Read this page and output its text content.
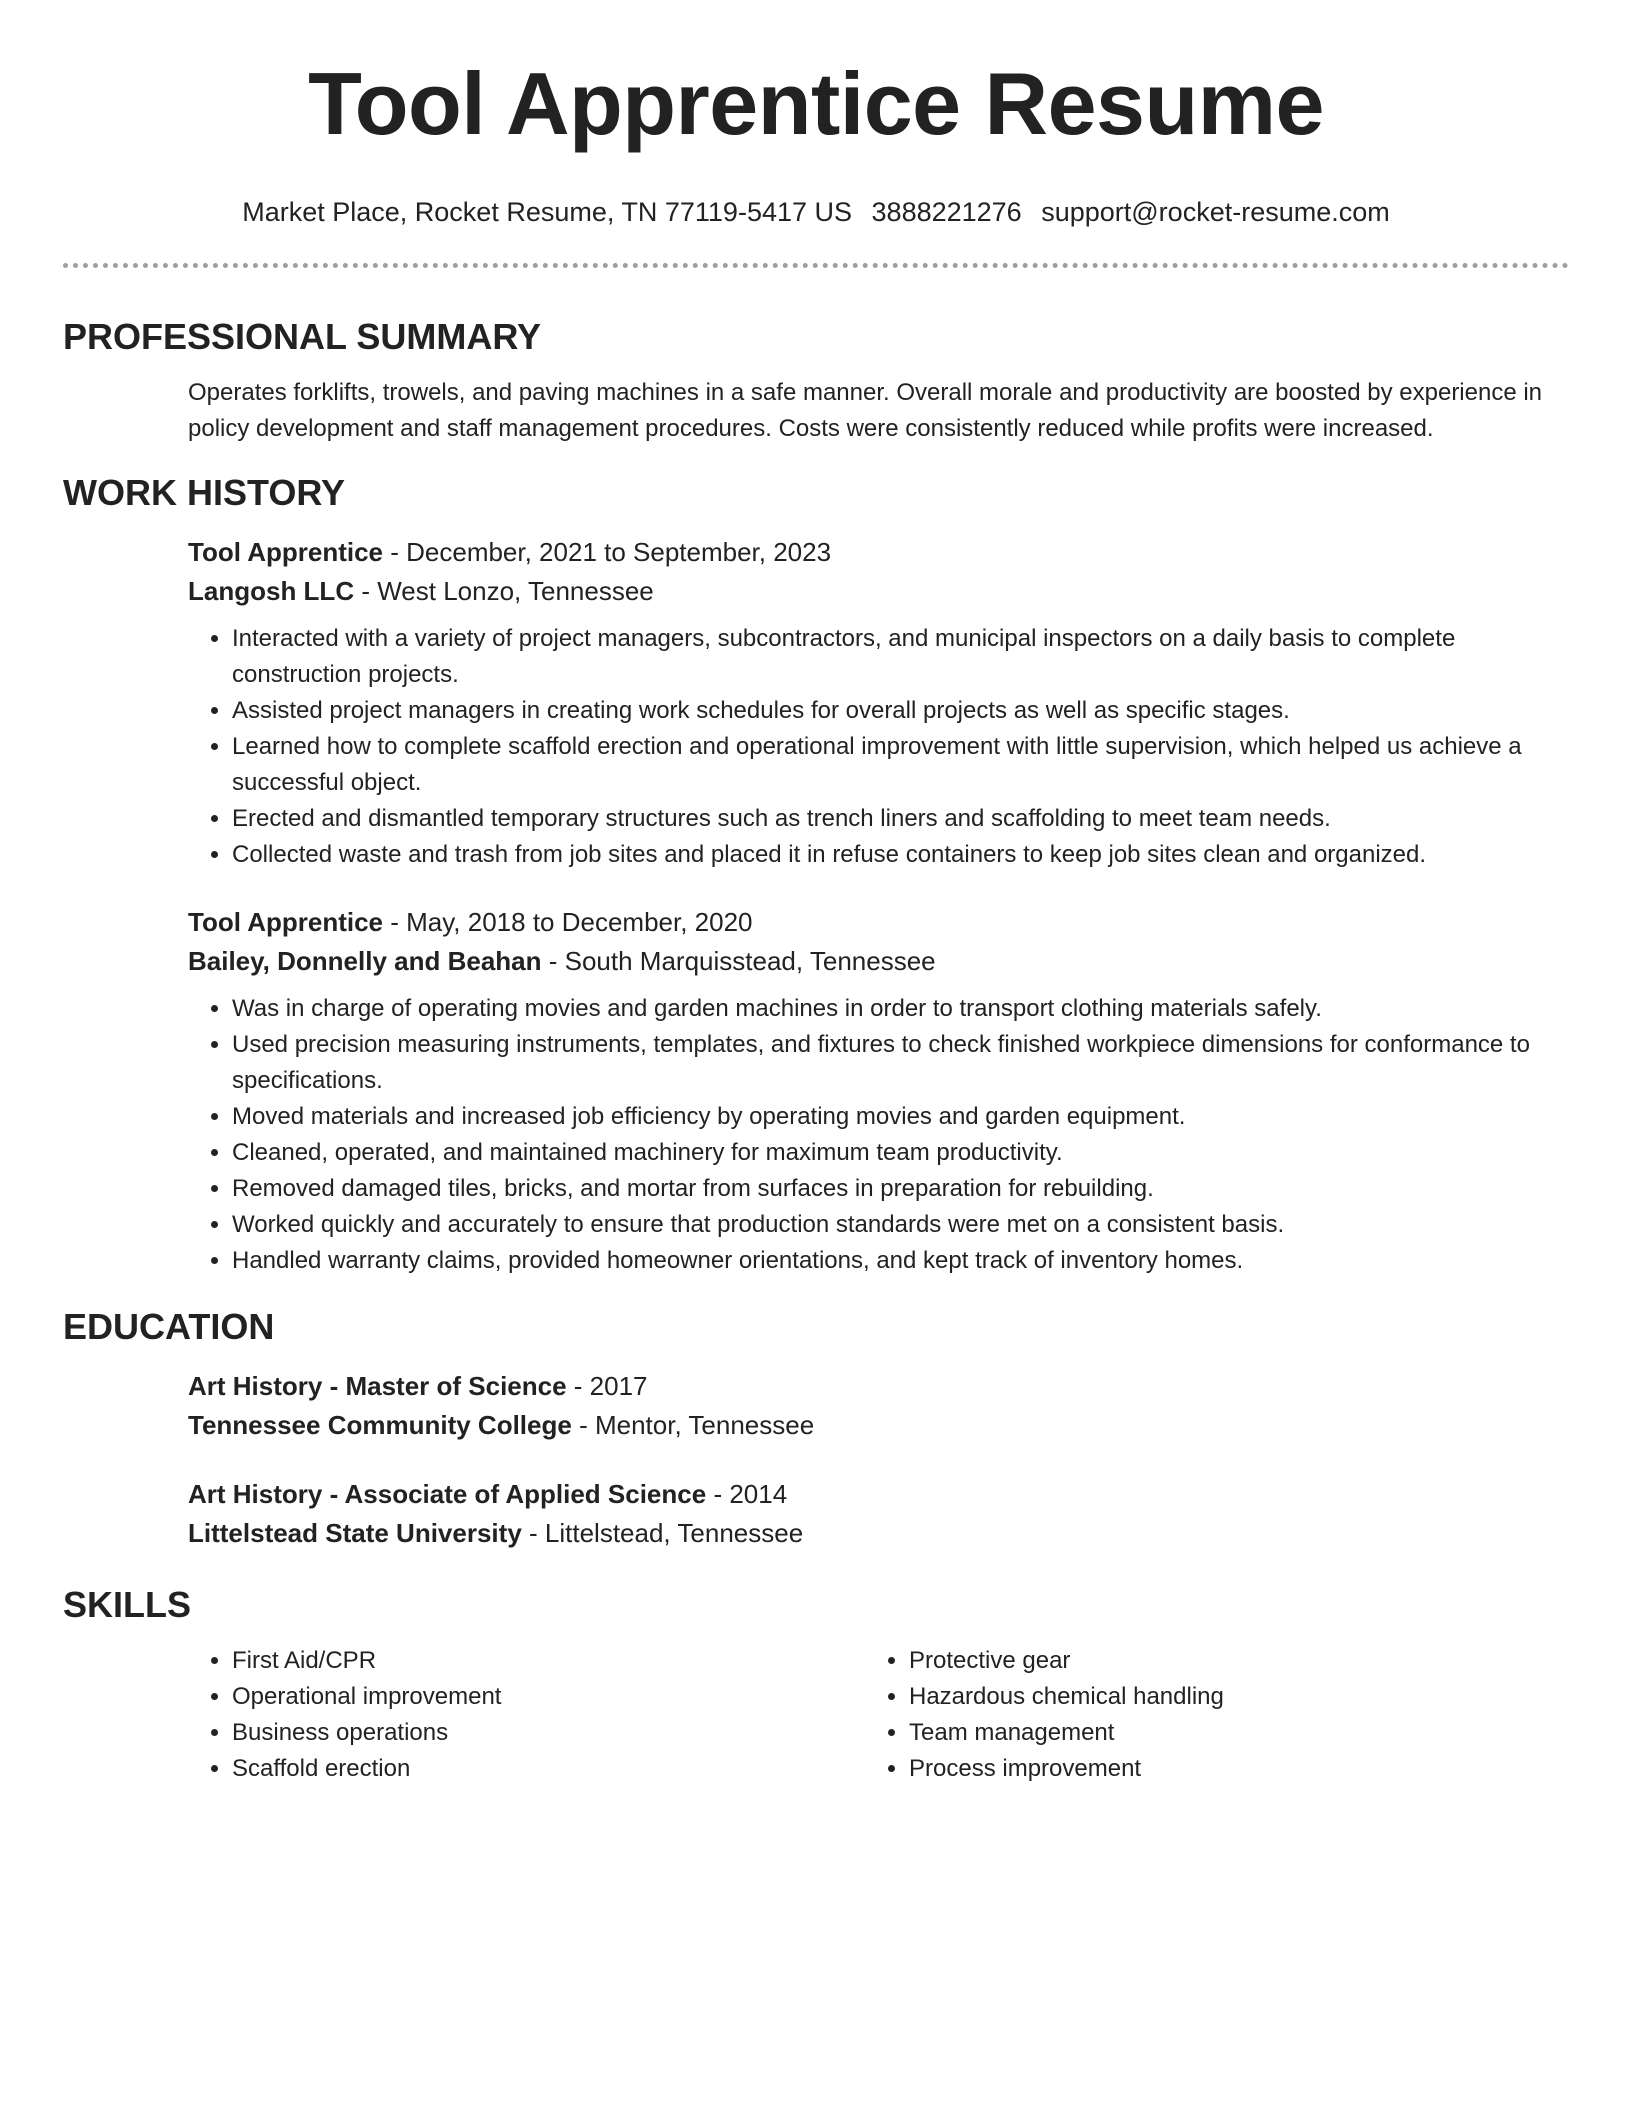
Tool Apprentice Resume
Market Place, Rocket Resume, TN 77119-5417 US 3888221276 support@rocket-resume.com
PROFESSIONAL SUMMARY

Operates forklifts, trowels, and paving machines in a safe manner. Overall morale and productivity are boosted by experience in policy development and staff management procedures. Costs were consistently reduced while profits were increased.

WORK HISTORY
Tool Apprentice - December, 2021 to September, 2023
Langosh LLC - West Lonzo, Tennessee
• Interacted with a variety of project managers, subcontractors, and municipal inspectors on a daily basis to complete construction projects.
• Assisted project managers in creating work schedules for overall projects as well as specific stages.
• Learned how to complete scaffold erection and operational improvement with little supervision, which helped us achieve a successful object.
• Erected and dismantled temporary structures such as trench liners and scaffolding to meet team needs.
• Collected waste and trash from job sites and placed it in refuse containers to keep job sites clean and organized.
Tool Apprentice - May, 2018 to December, 2020
Bailey, Donnelly and Beahan - South Marquisstead, Tennessee
• Was in charge of operating movies and garden machines in order to transport clothing materials safely.
• Used precision measuring instruments, templates, and fixtures to check finished workpiece dimensions for conformance to specifications.
• Moved materials and increased job efficiency by operating movies and garden equipment.
• Cleaned, operated, and maintained machinery for maximum team productivity.
• Removed damaged tiles, bricks, and mortar from surfaces in preparation for rebuilding.
• Worked quickly and accurately to ensure that production standards were met on a consistent basis.
• Handled warranty claims, provided homeowner orientations, and kept track of inventory homes.
EDUCATION
Art History - Master of Science - 2017
Tennessee Community College - Mentor, Tennessee
Art History - Associate of Applied Science - 2014
Littelstead State University - Littelstead, Tennessee
SKILLS
• First Aid/CPR
• Operational improvement
• Business operations
• Scaffold erection
• Protective gear
• Hazardous chemical handling
• Team management
• Process improvement
